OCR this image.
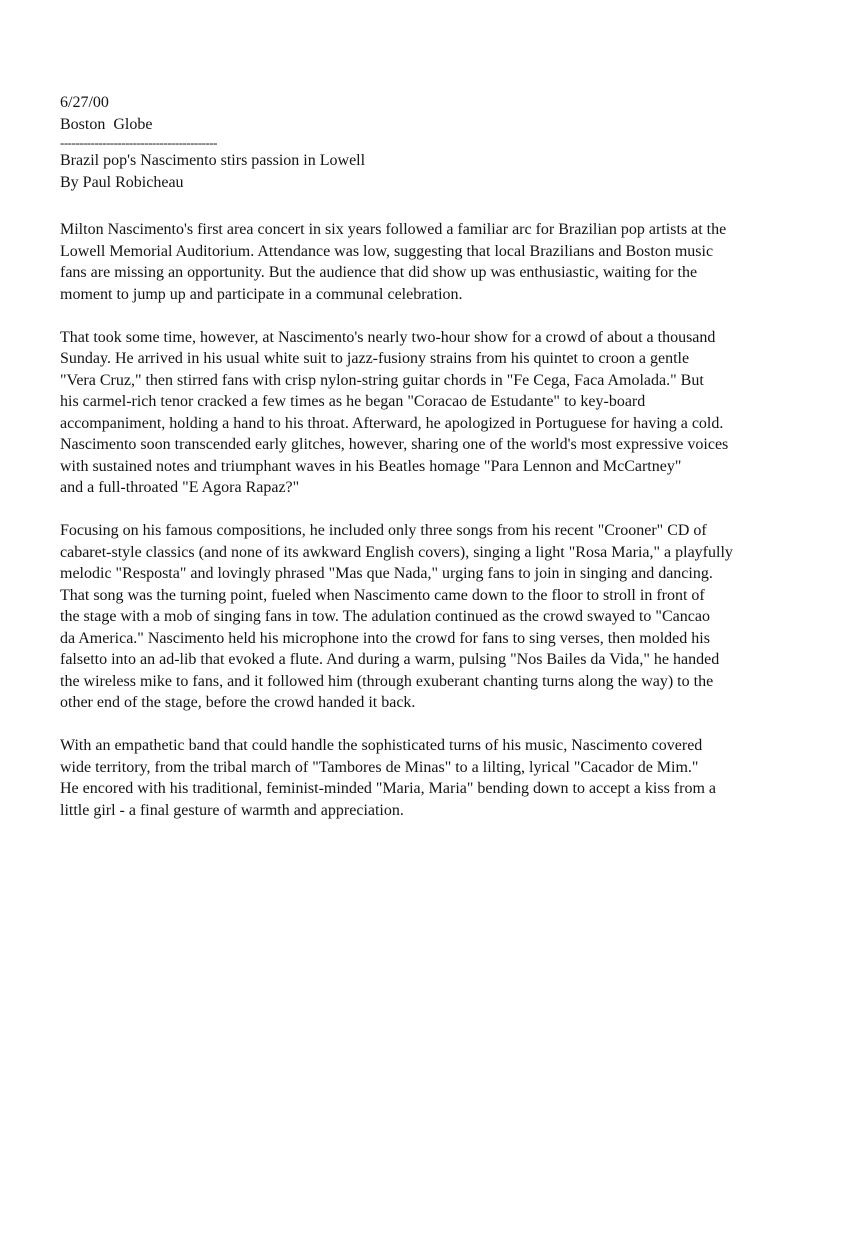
6/27/00
Boston  Globe
-----------------------------------------
Brazil pop's Nascimento stirs passion in Lowell
By Paul Robicheau

Milton Nascimento's first area concert in six years followed a familiar arc for Brazilian pop artists at the
Lowell Memorial Auditorium. Attendance was low, suggesting that local Brazilians and Boston music
fans are missing an opportunity. But the audience that did show up was enthusiastic, waiting for the
moment to jump up and participate in a communal celebration.

That took some time, however, at Nascimento's nearly two-hour show for a crowd of about a thousand
Sunday. He arrived in his usual white suit to jazz-fusiony strains from his quintet to croon a gentle
"Vera Cruz," then stirred fans with crisp nylon-string guitar chords in "Fe Cega, Faca Amolada." But
his carmel-rich tenor cracked a few times as he began "Coracao de Estudante" to key-board
accompaniment, holding a hand to his throat. Afterward, he apologized in Portuguese for having a cold.
Nascimento soon transcended early glitches, however, sharing one of the world's most expressive voices
with sustained notes and triumphant waves in his Beatles homage "Para Lennon and McCartney"
and a full-throated "E Agora Rapaz?"

Focusing on his famous compositions, he included only three songs from his recent "Crooner" CD of
cabaret-style classics (and none of its awkward English covers), singing a light "Rosa Maria," a playfully
melodic "Resposta" and lovingly phrased "Mas que Nada," urging fans to join in singing and dancing.
That song was the turning point, fueled when Nascimento came down to the floor to stroll in front of
the stage with a mob of singing fans in tow. The adulation continued as the crowd swayed to "Cancao
da America." Nascimento held his microphone into the crowd for fans to sing verses, then molded his
falsetto into an ad-lib that evoked a flute. And during a warm, pulsing "Nos Bailes da Vida," he handed
the wireless mike to fans, and it followed him (through exuberant chanting turns along the way) to the
other end of the stage, before the crowd handed it back.

With an empathetic band that could handle the sophisticated turns of his music, Nascimento covered
wide territory, from the tribal march of "Tambores de Minas" to a lilting, lyrical "Cacador de Mim."
He encored with his traditional, feminist-minded "Maria, Maria" bending down to accept a kiss from a
little girl - a final gesture of warmth and appreciation.
